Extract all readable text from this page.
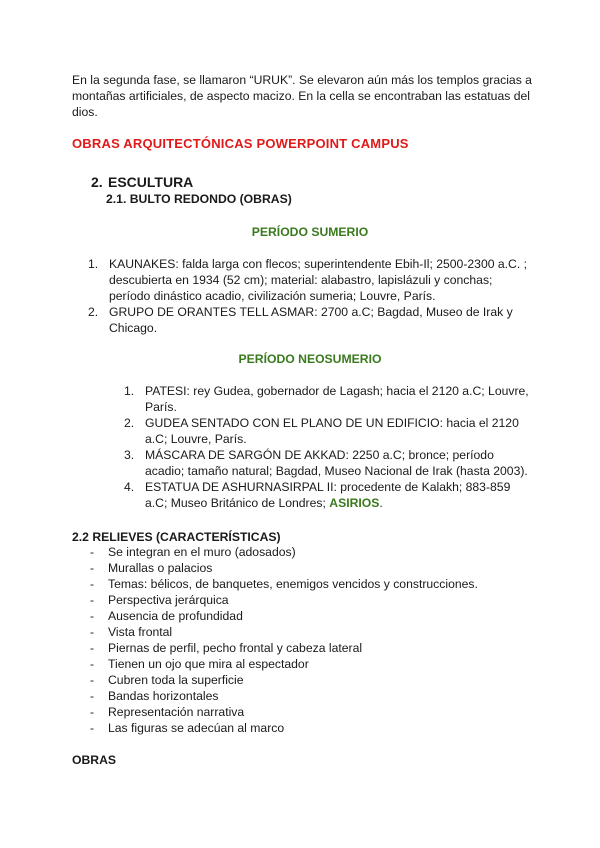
En la segunda fase, se llamaron “URUK”. Se elevaron aún más los templos gracias a montañas artificiales, de aspecto macizo. En la cella se encontraban las estatuas del dios.
OBRAS ARQUITECTÓNICAS POWERPOINT CAMPUS
2. ESCULTURA
2.1. BULTO REDONDO (OBRAS)
PERÍODO SUMERIO
1. KAUNAKES: falda larga con flecos; superintendente Ebih-Il; 2500-2300 a.C. ; descubierta en 1934 (52 cm); material: alabastro, lapislázuli y conchas; período dinástico acadio, civilización sumeria; Louvre, París.
2. GRUPO DE ORANTES TELL ASMAR: 2700 a.C; Bagdad, Museo de Irak y Chicago.
PERÍODO NEOSUMERIO
1. PATESI: rey Gudea, gobernador de Lagash; hacia el 2120 a.C; Louvre, París.
2. GUDEA SENTADO CON EL PLANO DE UN EDIFICIO: hacia el 2120 a.C; Louvre, París.
3. MÁSCARA DE SARGÓN DE AKKAD: 2250 a.C; bronce; período acadio; tamaño natural; Bagdad, Museo Nacional de Irak (hasta 2003).
4. ESTATUA DE ASHURNASIRPAL II: procedente de Kalakh; 883-859 a.C; Museo Británico de Londres; ASIRIOS.
2.2 RELIEVES (CARACTERÍSTICAS)
-	Se integran en el muro (adosados)
-	Murallas o palacios
-	Temas: bélicos, de banquetes, enemigos vencidos y construcciones.
-	Perspectiva jerárquica
-	Ausencia de profundidad
-	Vista frontal
-	Piernas de perfil, pecho frontal y cabeza lateral
-	Tienen un ojo que mira al espectador
-	Cubren toda la superficie
-	Bandas horizontales
-	Representación narrativa
-	Las figuras se adecúan al marco
OBRAS
